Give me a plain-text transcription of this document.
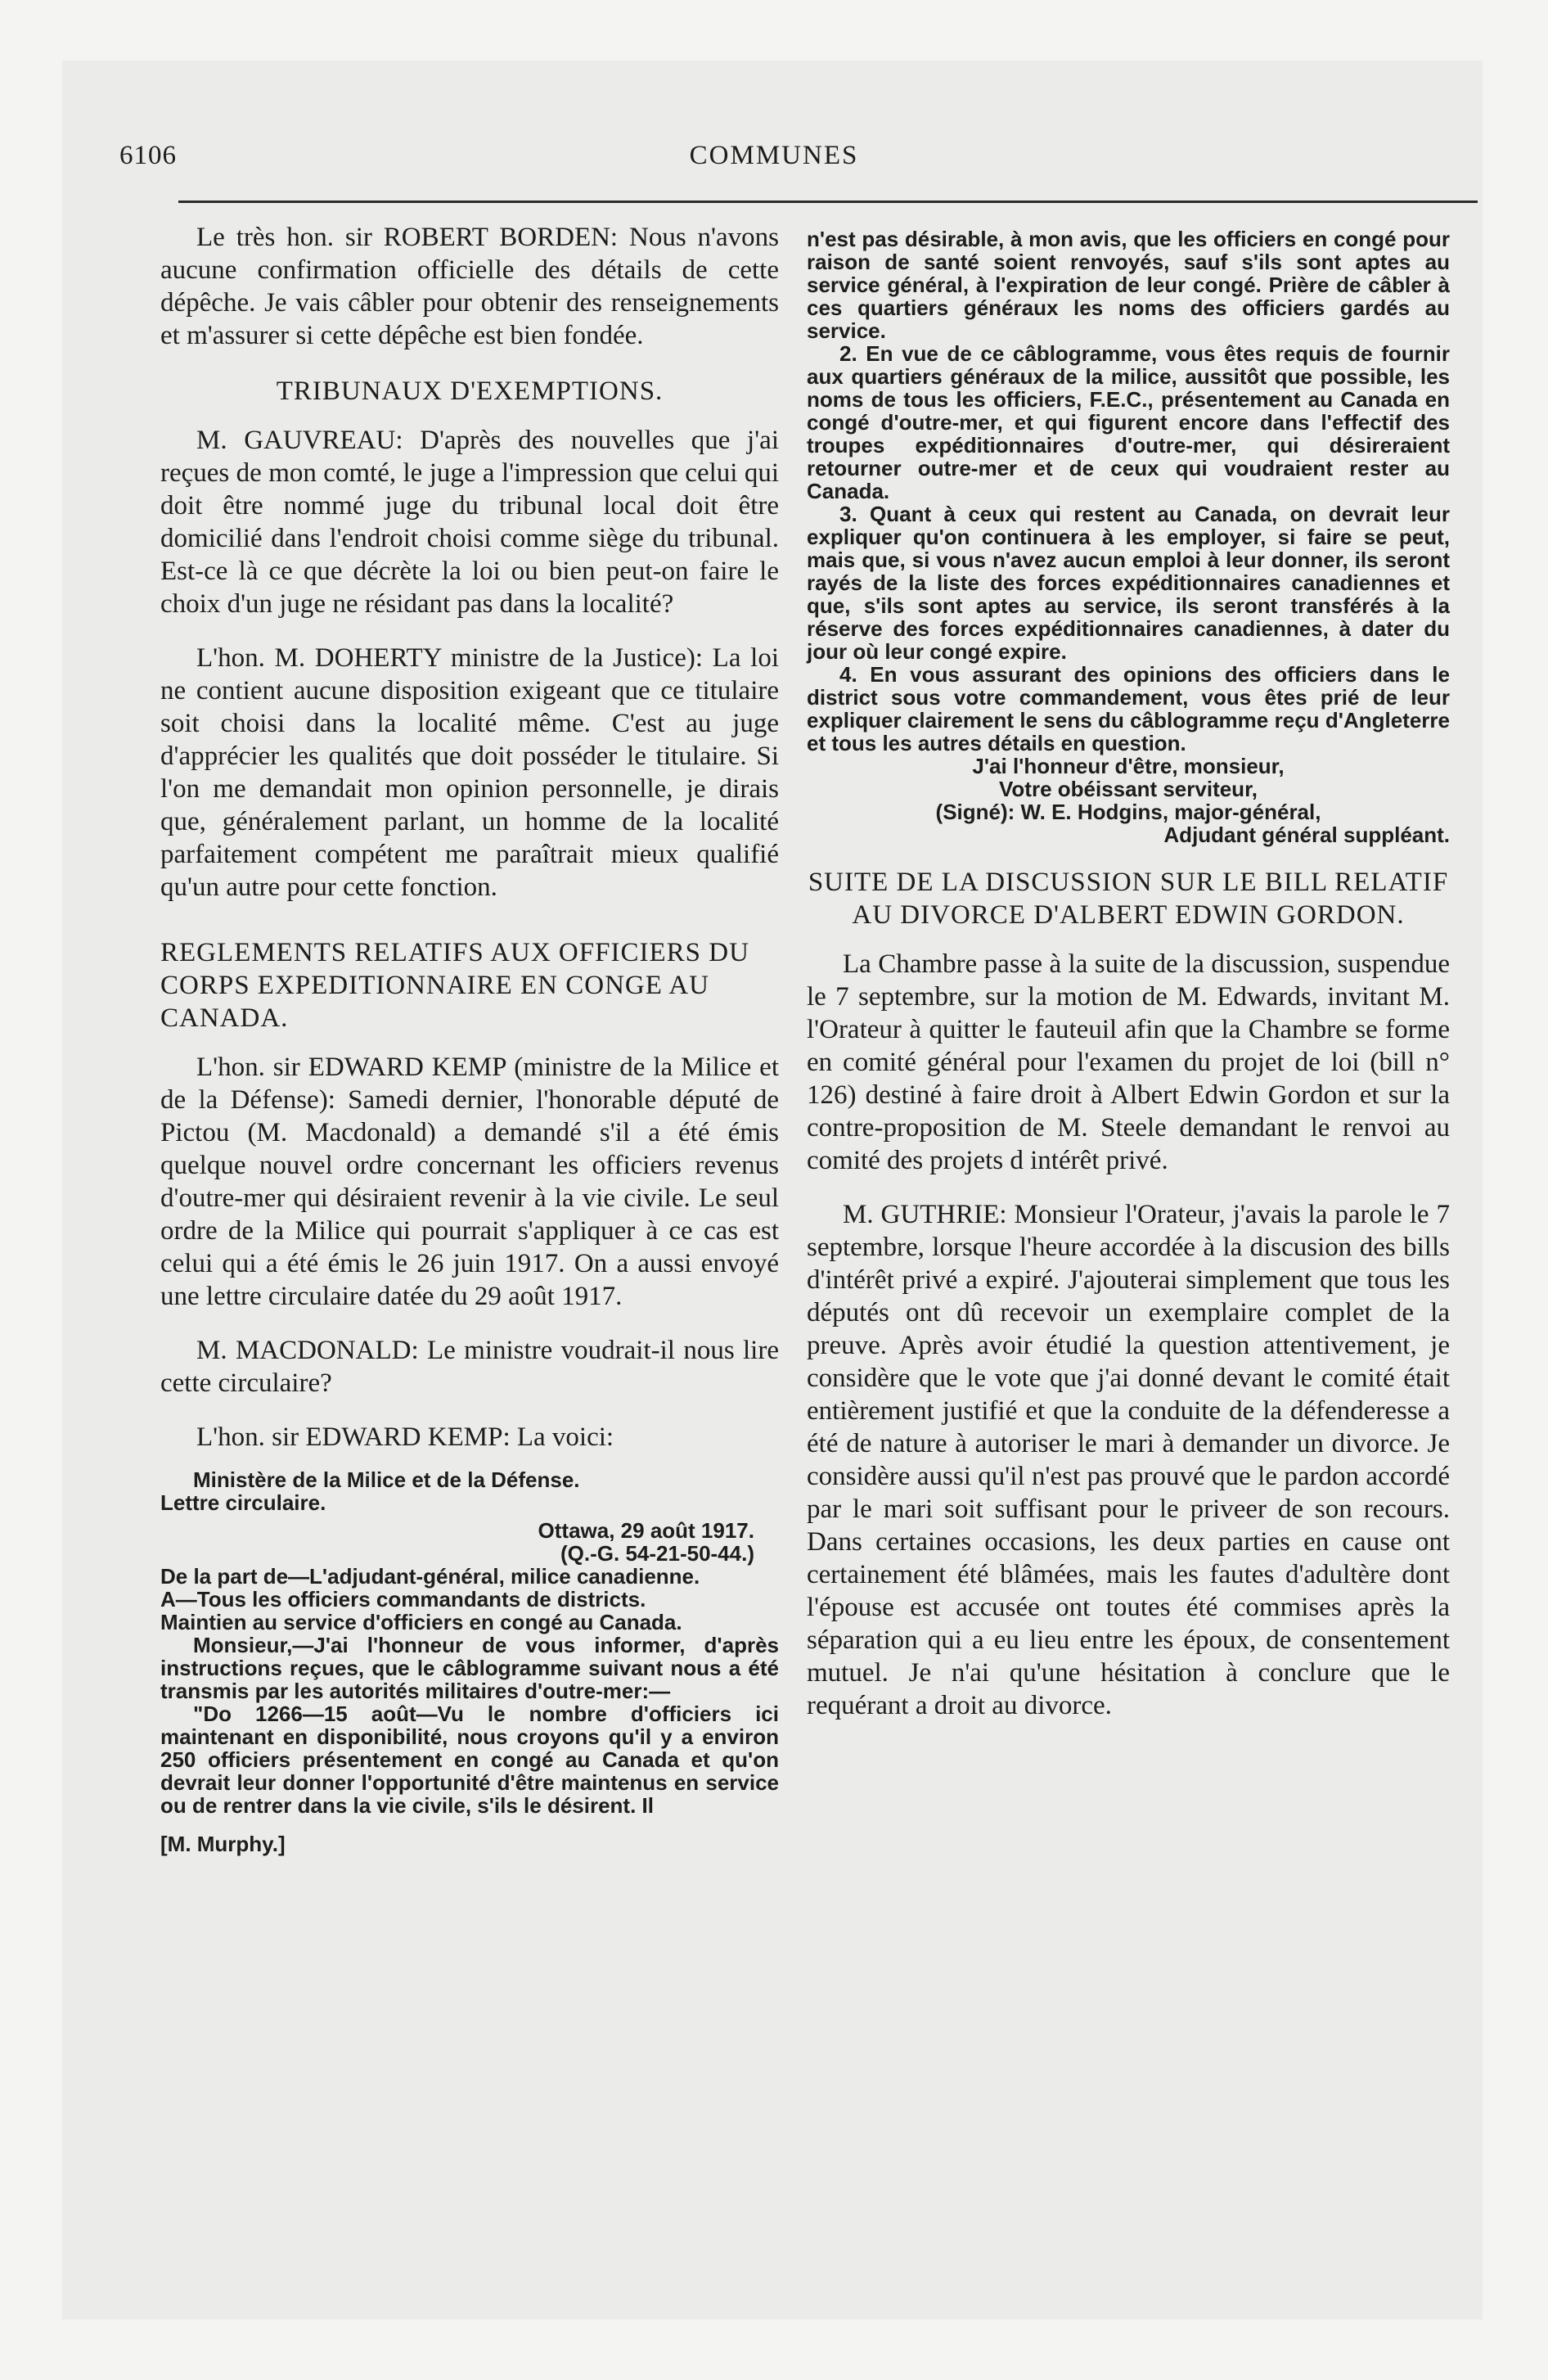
6106	COMMUNES

Le très hon. sir ROBERT BORDEN: Nous n'avons aucune confirmation officielle des détails de cette dépêche. Je vais câbler pour obtenir des renseignements et m'assurer si cette dépêche est bien fondée.

TRIBUNAUX D'EXEMPTIONS.

M. GAUVREAU: D'après des nouvelles que j'ai reçues de mon comté, le juge a l'impression que celui qui doit être nommé juge du tribunal local doit être domicilié dans l'endroit choisi comme siège du tribunal. Est-ce là ce que décrète la loi ou bien peut-on faire le choix d'un juge ne résidant pas dans la localité?

L'hon. M. DOHERTY ministre de la Justice): La loi ne contient aucune disposition exigeant que ce titulaire soit choisi dans la localité même. C'est au juge d'apprécier les qualités que doit posséder le titulaire. Si l'on me demandait mon opinion personnelle, je dirais que, généralement parlant, un homme de la localité parfaitement compétent me paraîtrait mieux qualifié qu'un autre pour cette fonction.

REGLEMENTS RELATIFS AUX OFFICIERS DU CORPS EXPEDITIONNAIRE EN CONGE AU CANADA.

L'hon. sir EDWARD KEMP (ministre de la Milice et de la Défense): Samedi dernier, l'honorable député de Pictou (M. Macdonald) a demandé s'il a été émis quelque nouvel ordre concernant les officiers revenus d'outre-mer qui désiraient revenir à la vie civile. Le seul ordre de la Milice qui pourrait s'appliquer à ce cas est celui qui a été émis le 26 juin 1917. On a aussi envoyé une lettre circulaire datée du 29 août 1917.

M. MACDONALD: Le ministre voudrait-il nous lire cette circulaire?

L'hon. sir EDWARD KEMP: La voici:

Ministère de la Milice et de la Défense.

Lettre circulaire.

Ottawa, 29 août 1917.

(Q.-G. 54-21-50-44.)

De la part de—L'adjudant-général, milice canadienne.

A—Tous les officiers commandants de districts.

Maintien au service d'officiers en congé au Canada.

Monsieur,—J'ai l'honneur de vous informer, d'après instructions reçues, que le câblogramme suivant nous a été transmis par les autorités militaires d'outre-mer:—

"Do 1266—15 août—Vu le nombre d'officiers ici maintenant en disponibilité, nous croyons qu'il y a environ 250 officiers présentement en congé au Canada et qu'on devrait leur donner l'opportunité d'être maintenus en service ou de rentrer dans la vie civile, s'ils le désirent. Il

[M. Murphy.]

n'est pas désirable, à mon avis, que les officiers en congé pour raison de santé soient renvoyés, sauf s'ils sont aptes au service général, à l'expiration de leur congé. Prière de câbler à ces quartiers généraux les noms des officiers gardés au service.

2. En vue de ce câblogramme, vous êtes requis de fournir aux quartiers généraux de la milice, aussitôt que possible, les noms de tous les officiers, F.E.C., présentement au Canada en congé d'outre-mer, et qui figurent encore dans l'effectif des troupes expéditionnaires d'outre-mer, qui désireraient retourner outre-mer et de ceux qui voudraient rester au Canada.

3. Quant à ceux qui restent au Canada, on devrait leur expliquer qu'on continuera à les employer, si faire se peut, mais que, si vous n'avez aucun emploi à leur donner, ils seront rayés de la liste des forces expéditionnaires canadiennes et que, s'ils sont aptes au service, ils seront transférés à la réserve des forces expéditionnaires canadiennes, à dater du jour où leur congé expire.

4. En vous assurant des opinions des officiers dans le district sous votre commandement, vous êtes prié de leur expliquer clairement le sens du câblogramme reçu d'Angleterre et tous les autres détails en question.

J'ai l'honneur d'être, monsieur,

Votre obéissant serviteur,

(Signé): W. E. Hodgins, major-général,

Adjudant général suppléant.

SUITE DE LA DISCUSSION SUR LE BILL RELATIF AU DIVORCE D'ALBERT EDWIN GORDON.

La Chambre passe à la suite de la discussion, suspendue le 7 septembre, sur la motion de M. Edwards, invitant M. l'Orateur à quitter le fauteuil afin que la Chambre se forme en comité général pour l'examen du projet de loi (bill n° 126) destiné à faire droit à Albert Edwin Gordon et sur la contre-proposition de M. Steele demandant le renvoi au comité des projets d intérêt privé.

M. GUTHRIE: Monsieur l'Orateur, j'avais la parole le 7 septembre, lorsque l'heure accordée à la discusion des bills d'intérêt privé a expiré. J'ajouterai simplement que tous les députés ont dû recevoir un exemplaire complet de la preuve. Après avoir étudié la question attentivement, je considère que le vote que j'ai donné devant le comité était entièrement justifié et que la conduite de la défenderesse a été de nature à autoriser le mari à demander un divorce. Je considère aussi qu'il n'est pas prouvé que le pardon accordé par le mari soit suffisant pour le priveer de son recours. Dans certaines occasions, les deux parties en cause ont certainement été blâmées, mais les fautes d'adultère dont l'épouse est accusée ont toutes été commises après la séparation qui a eu lieu entre les époux, de consentement mutuel. Je n'ai qu'une hésitation à conclure que le requérant a droit au divorce.
